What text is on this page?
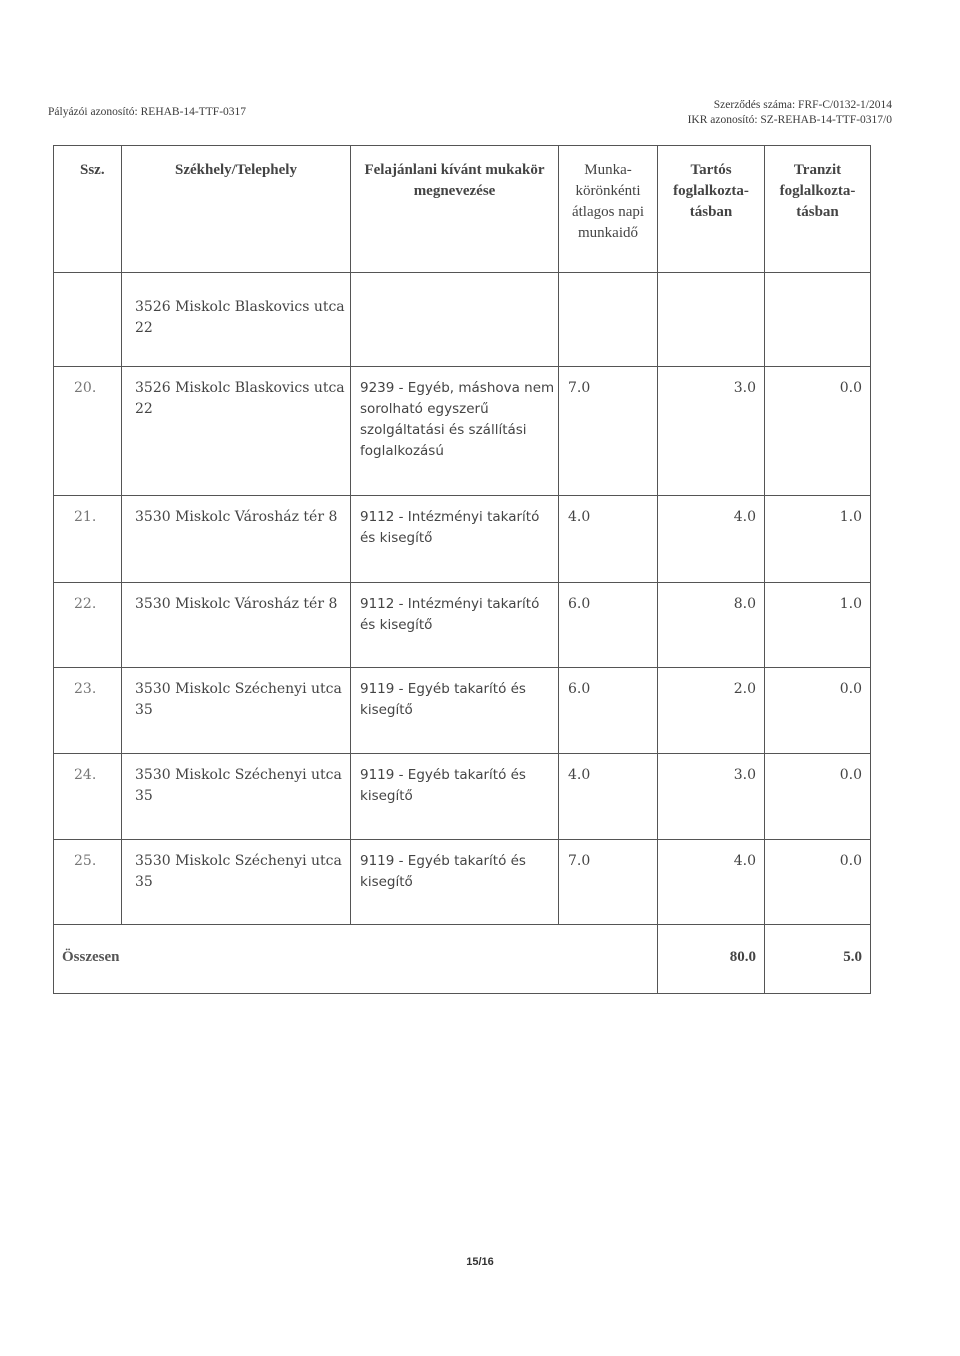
Pályázói azonosító: REHAB-14-TTF-0317
Szerződés száma: FRF-C/0132-1/2014
IKR azonosító: SZ-REHAB-14-TTF-0317/0
Ssz.	Székhely/Telephely	Felajánlani kívánt mukakör megnevezése	Munka-körönkénti átlagos napi munkaidő	Tartós foglalkozta-tásban	Tranzit foglalkozta-tásban
	3526 Miskolc Blaskovics utca 22				
20.	3526 Miskolc Blaskovics utca 22	9239 - Egyéb, máshova nem sorolható egyszerű szolgáltatási és szállítási foglalkozású	7.0	3.0	0.0
21.	3530 Miskolc Városház tér 8	9112 - Intézményi takarító és kisegítő	4.0	4.0	1.0
22.	3530 Miskolc Városház tér 8	9112 - Intézményi takarító és kisegítő	6.0	8.0	1.0
23.	3530 Miskolc Széchenyi utca 35	9119 - Egyéb takarító és kisegítő	6.0	2.0	0.0
24.	3530 Miskolc Széchenyi utca 35	9119 - Egyéb takarító és kisegítő	4.0	3.0	0.0
25.	3530 Miskolc Széchenyi utca 35	9119 - Egyéb takarító és kisegítő	7.0	4.0	0.0
Összesen				80.0	5.0
15/16
